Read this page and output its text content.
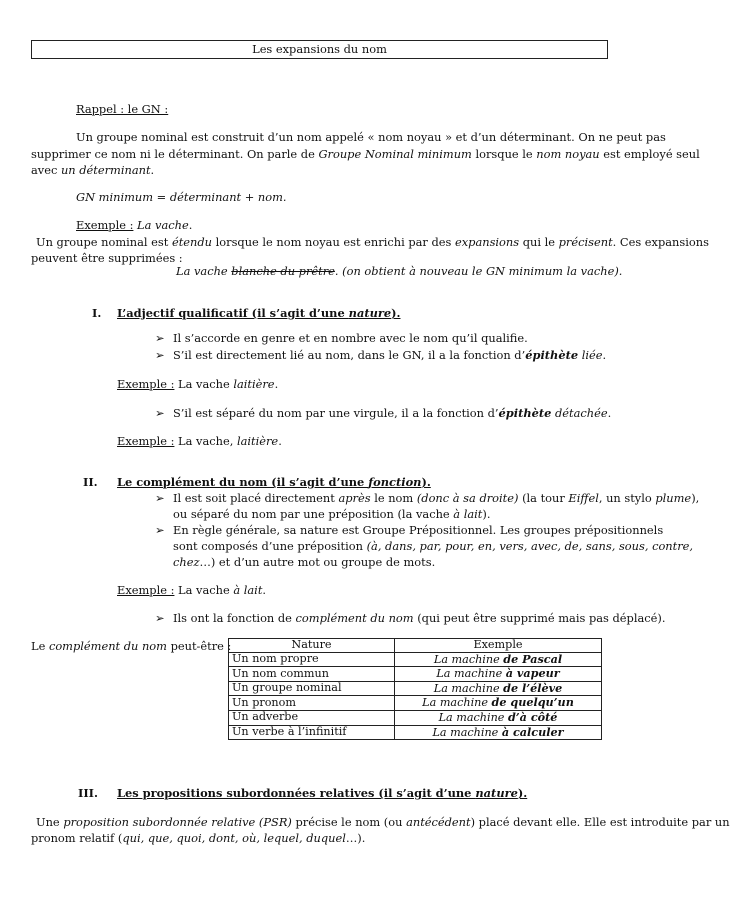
Les expansions du nom
Rappel : le GN :
Un groupe nominal est construit d’un nom appelé « nom noyau » et d’un déterminant. On ne peut pas
supprimer ce nom ni le déterminant. On parle de Groupe Nominal minimum lorsque le nom noyau est employé seul
avec un déterminant.
GN minimum = déterminant + nom.
Exemple : La vache.
Un groupe nominal est étendu lorsque le nom noyau est enrichi par des expansions qui le précisent. Ces expansions
peuvent être supprimées :
La vache blanche du prêtre. (on obtient à nouveau le GN minimum la vache).
I. L’adjectif qualificatif (il s’agit d’une nature).
➢ Il s’accorde en genre et en nombre avec le nom qu’il qualifie.
➢ S’il est directement lié au nom, dans le GN, il a la fonction d’épithète liée.
Exemple : La vache laitière.
➢ S’il est séparé du nom par une virgule, il a la fonction d’épithète détachée.
Exemple : La vache, laitière.
II. Le complément du nom (il s’agit d’une fonction).
➢ Il est soit placé directement après le nom (donc à sa droite) (la tour Eiffel, un stylo plume),
ou séparé du nom par une préposition (la vache à lait).
➢ En règle générale, sa nature est Groupe Prépositionnel. Les groupes prépositionnels
sont composés d’une préposition (à, dans, par, pour, en, vers, avec, de, sans, sous, contre,
chez…) et d’un autre mot ou groupe de mots.
Exemple : La vache à lait.
➢ Ils ont la fonction de complément du nom (qui peut être supprimé mais pas déplacé).
Le complément du nom peut-être :	Nature	Exemple
Un nom propre	La machine de Pascal
Un nom commun	La machine à vapeur
Un groupe nominal	La machine de l’élève
Un pronom	La machine de quelqu’un
Un adverbe	La machine d’à côté
Un verbe à l’infinitif	La machine à calculer
III. Les propositions subordonnées relatives (il s’agit d’une nature).
Une proposition subordonnée relative (PSR) précise le nom (ou antécédent) placé devant elle. Elle est introduite par un
pronom relatif (qui, que, quoi, dont, où, lequel, duquel…).
